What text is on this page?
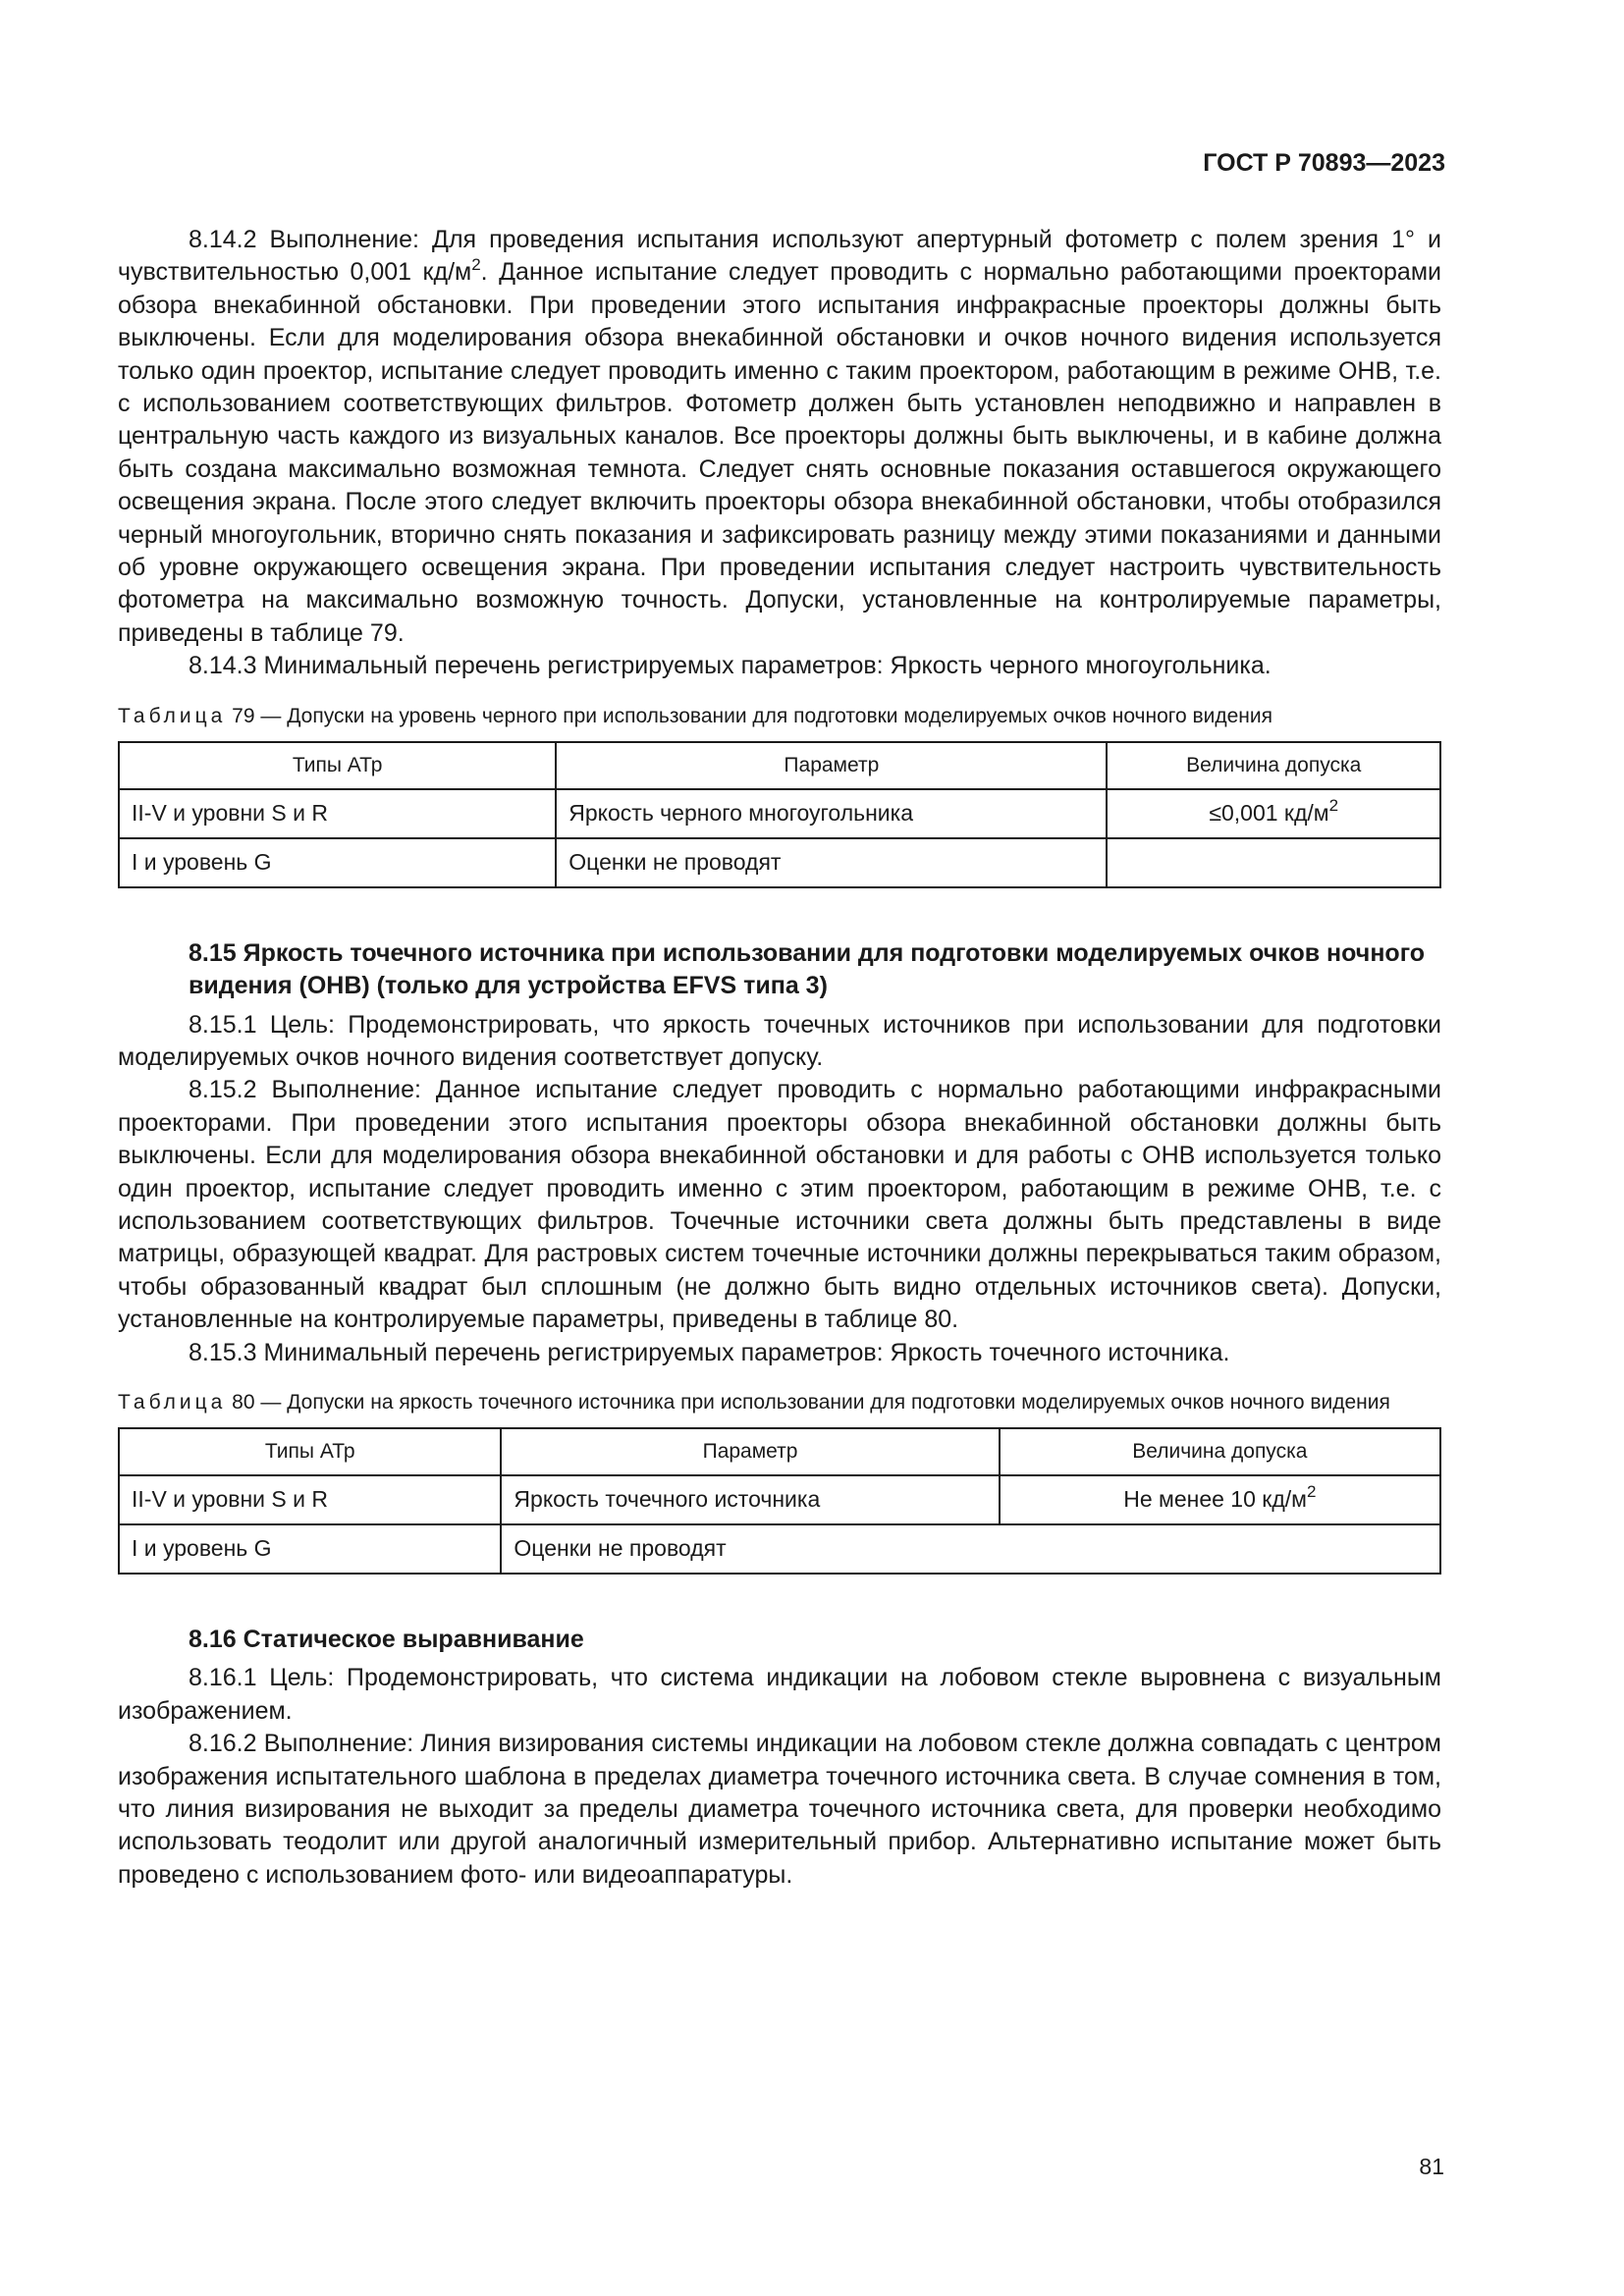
ГОСТ Р 70893—2023

8.14.2 Выполнение: Для проведения испытания используют апертурный фотометр с полем зрения 1° и чувствительностью 0,001 $кд/м^2$. Данное испытание следует проводить с нормально работающими проекторами обзора внекабинной обстановки. При проведении этого испытания инфракрасные проекторы должны быть выключены. Если для моделирования обзора внекабинной обстановки и очков ночного видения используется только один проектор, испытание следует проводить именно с таким проектором, работающим в режиме ОНВ, т.е. с использованием соответствующих фильтров. Фотометр должен быть установлен неподвижно и направлен в центральную часть каждого из визуальных каналов. Все проекторы должны быть выключены, и в кабине должна быть создана максимально возможная темнота. Следует снять основные показания оставшегося окружающего освещения экрана. После этого следует включить проекторы обзора внекабинной обстановки, чтобы отобразился черный многоугольник, вторично снять показания и зафиксировать разницу между этими показаниями и данными об уровне окружающего освещения экрана. При проведении испытания следует настроить чувствительность фотометра на максимально возможную точность. Допуски, установленные на контролируемые параметры, приведены в таблице 79.

8.14.3 Минимальный перечень регистрируемых параметров: Яркость черного многоугольника.

Таблица 79 — Допуски на уровень черного при использовании для подготовки моделируемых очков ночного видения
Типы АТр	Параметр	Величина допуска
II-V и уровни S и R	Яркость черного многоугольника	≤0,001 $кд/м^2$
I и уровень G	Оценки не проводят	
8.15 Яркость точечного источника при использовании для подготовки моделируемых очков ночного видения (ОНВ) (только для устройства EFVS типа 3)

8.15.1 Цель: Продемонстрировать, что яркость точечных источников при использовании для подготовки моделируемых очков ночного видения соответствует допуску.

8.15.2 Выполнение: Данное испытание следует проводить с нормально работающими инфракрасными проекторами. При проведении этого испытания проекторы обзора внекабинной обстановки должны быть выключены. Если для моделирования обзора внекабинной обстановки и для работы с ОНВ используется только один проектор, испытание следует проводить именно с этим проектором, работающим в режиме ОНВ, т.е. с использованием соответствующих фильтров. Точечные источники света должны быть представлены в виде матрицы, образующей квадрат. Для растровых систем точечные источники должны перекрываться таким образом, чтобы образованный квадрат был сплошным (не должно быть видно отдельных источников света). Допуски, установленные на контролируемые параметры, приведены в таблице 80.

8.15.3 Минимальный перечень регистрируемых параметров: Яркость точечного источника.

Таблица 80 — Допуски на яркость точечного источника при использовании для подготовки моделируемых очков ночного видения
Типы АТр	Параметр	Величина допуска
II-V и уровни S и R	Яркость точечного источника	Не менее 10 $кд/м^2$
I и уровень G	Оценки не проводят	
8.16 Статическое выравнивание

8.16.1 Цель: Продемонстрировать, что система индикации на лобовом стекле выровнена с визуальным изображением.

8.16.2 Выполнение: Линия визирования системы индикации на лобовом стекле должна совпадать с центром изображения испытательного шаблона в пределах диаметра точечного источника света. В случае сомнения в том, что линия визирования не выходит за пределы диаметра точечного источника света, для проверки необходимо использовать теодолит или другой аналогичный измерительный прибор. Альтернативно испытание может быть проведено с использованием фото- или видеоаппаратуры.

81
